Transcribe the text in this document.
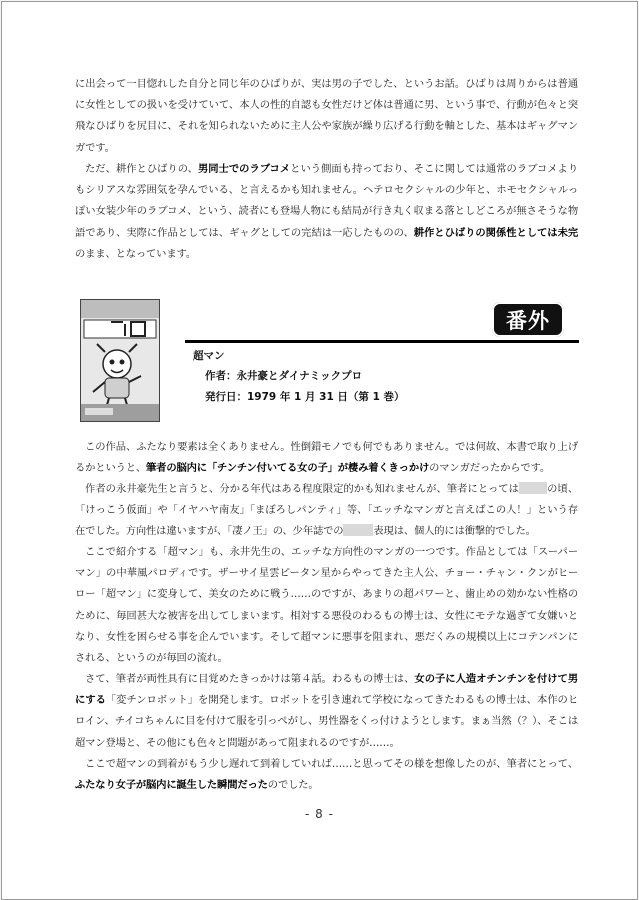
に出会って一目惚れした自分と同じ年のひばりが、実は男の子でした、というお話。ひばりは周りからは普通に女性としての扱いを受けていて、本人の性的自認も女性だけど体は普通に男、という事で、行動が色々と突飛なひばりを尻目に、それを知られないために主人公や家族が繰り広げる行動を軸とした、基本はギャグマンガです。

ただ、耕作とひばりの、男同士でのラブコメという側面も持っており、そこに関しては通常のラブコメよりもシリアスな雰囲気を孕んでいる、と言えるかも知れません。ヘテロセクシャルの少年と、ホモセクシャルっぽい女装少年のラブコメ、という、読者にも登場人物にも結局が行き丸く収まる落としどころが無さそうな物語であり、実際に作品としては、ギャグとしての完結は一応したものの、耕作とひばりの関係性としては未完のまま、となっています。

番外
超マン
作者：永井豪とダイナミックプロ
発行日：1979 年 1 月 31 日（第 1 巻）

この作品、ふたなり要素は全くありません。性倒錯モノでも何でもありません。では何故、本書で取り上げるかというと、筆者の脳内に「チンチン付いてる女の子」が棲み着くきっかけのマンガだったからです。

作者の永井豪先生と言うと、分かる年代はある程度限定的かも知れませんが、筆者にとっては	の頃、「けっこう仮面」や「イヤハヤ南友」「まぼろしパンティ」等、「エッチなマンガと言えばこの人！」という存在でした。方向性は違いますが、「凄ノ王」の、少年誌での	表現は、個人的には衝撃的でした。

ここで紹介する「超マン」も、永井先生の、エッチな方向性のマンガの一つです。作品としては「スーパーマン」の中華風パロディです。ザーサイ星雲ピータン星からやってきた主人公、チョー・チャン・クンがヒーロー「超マン」に変身して、美女のために戦う……のですが、あまりの超パワーと、歯止めの効かない性格のために、毎回甚大な被害を出してしまいます。相対する悪役のわるもの博士は、女性にモテな過ぎて女嫌いとなり、女性を困らせる事を企んでいます。そして超マンに悪事を阻まれ、悪だくみの規模以上にコテンパンにされる、というのが毎回の流れ。

さて、筆者が両性具有に目覚めたきっかけは第４話。わるもの博士は、女の子に人造オチンチンを付けて男にする「変チンロボット」を開発します。ロボットを引き連れて学校になってきたわるもの博士は、本作のヒロイン、チイコちゃんに目を付けて服を引っぺがし、男性器をくっ付けようとします。まぁ当然（？）、そこは超マン登場と、その他にも色々と問題があって阻まれるのですが……。

ここで超マンの到着がもう少し遅れて到着していれば……と思ってその様を想像したのが、筆者にとって、ふたなり女子が脳内に誕生した瞬間だったのでした。

- 8 -
